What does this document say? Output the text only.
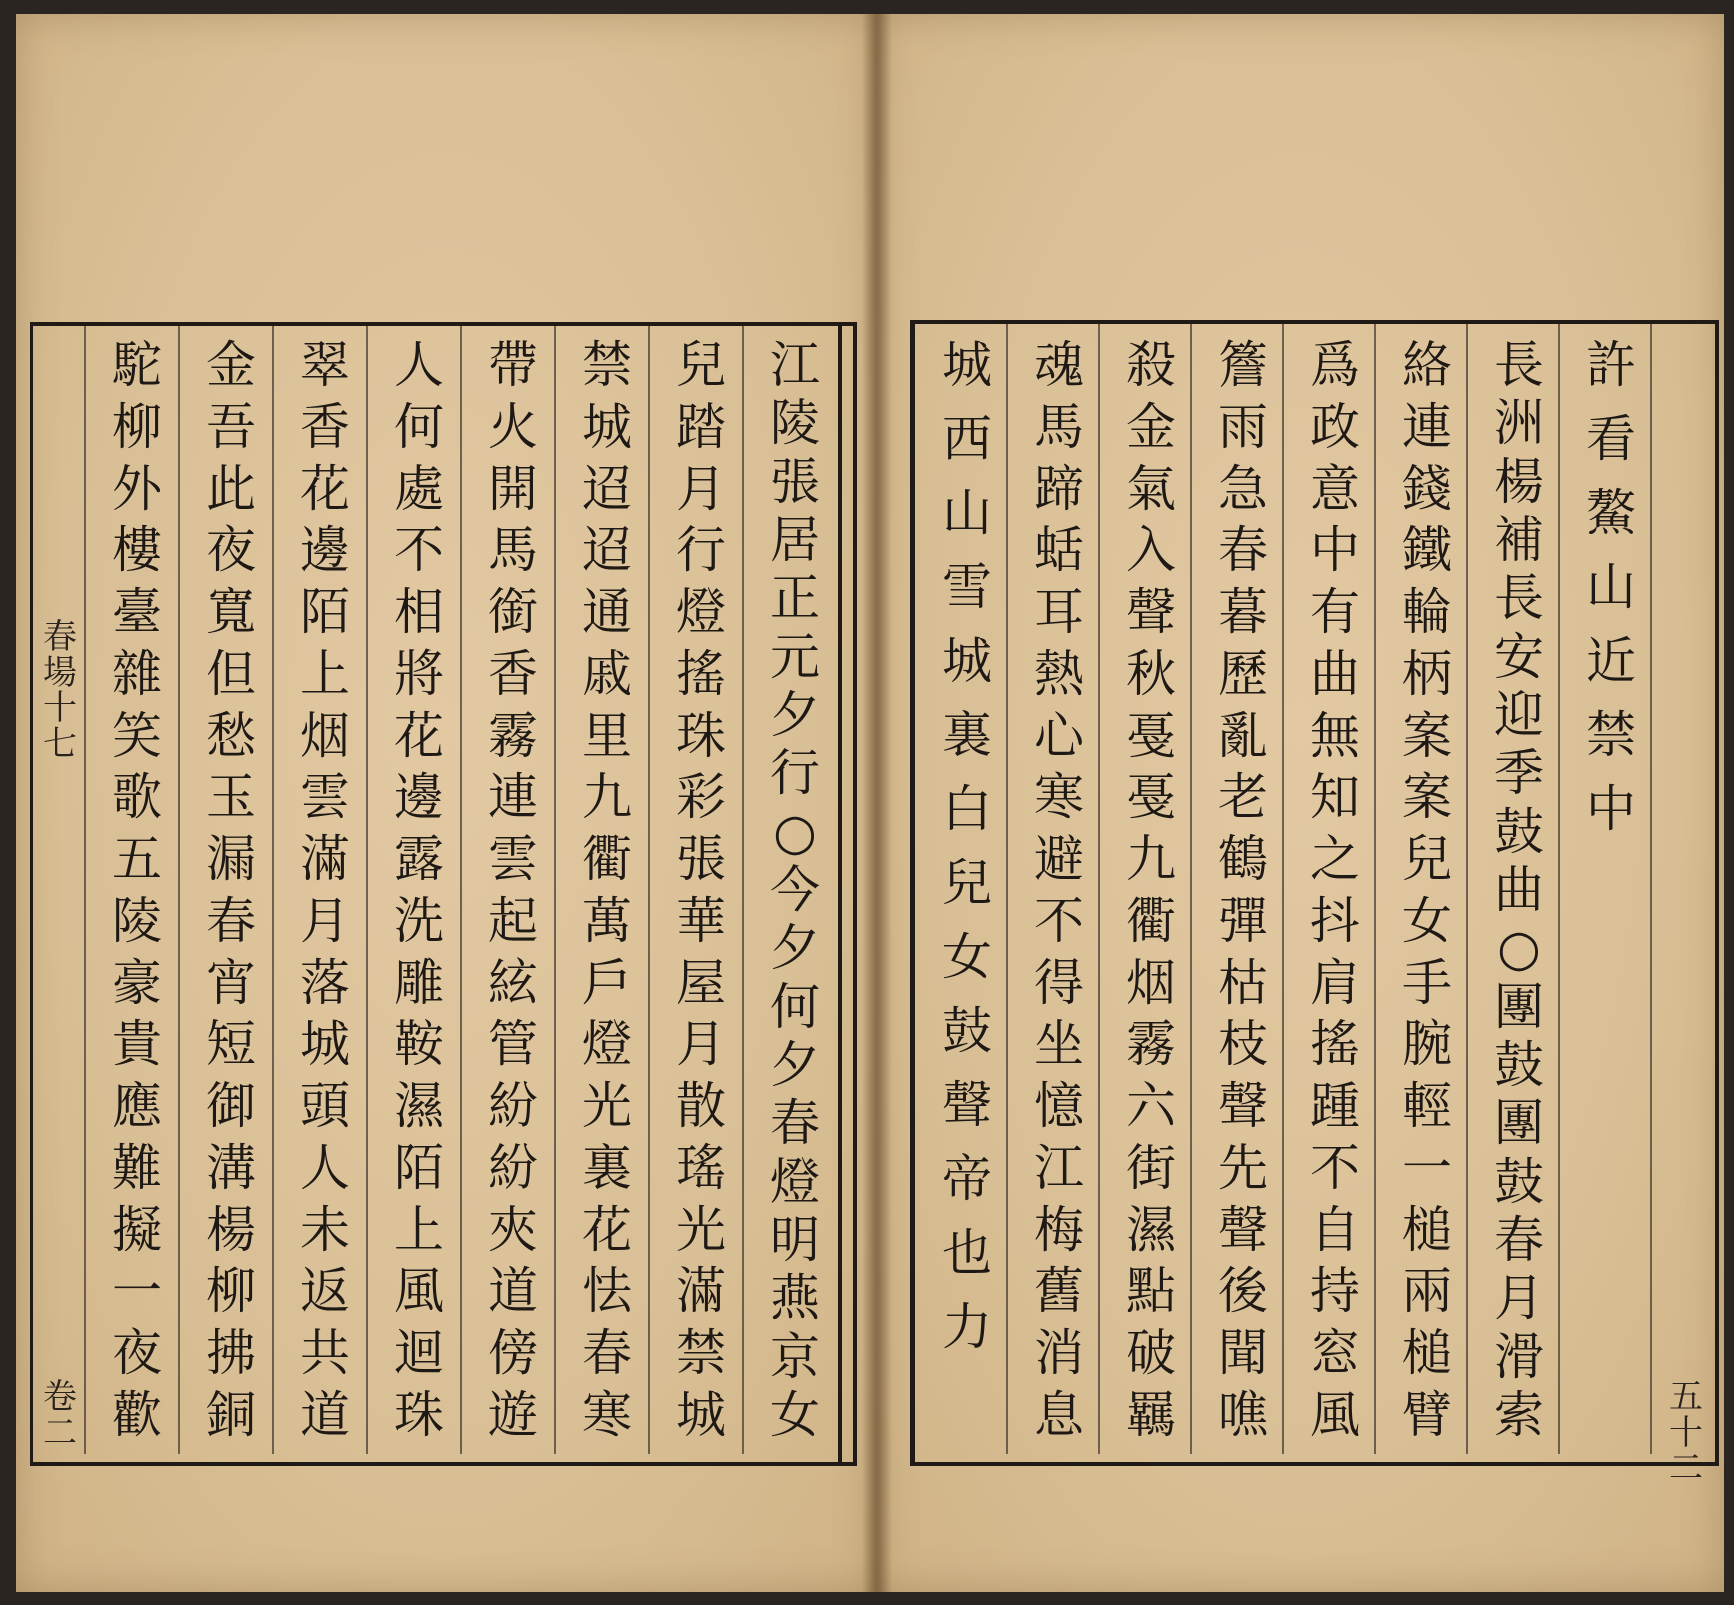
春
場
十
七
卷
二
江
陵
張
居
正
元
夕
行
○
今
夕
何
夕
春
燈
明
燕
京
女
兒
踏
月
行
燈
搖
珠
彩
張
華
屋
月
散
瑤
光
滿
禁
城
禁
城
迢
迢
通
戚
里
九
衢
萬
戶
燈
光
裏
花
怯
春
寒
帶
火
開
馬
銜
香
霧
連
雲
起
絃
管
紛
紛
夾
道
傍
遊
人
何
處
不
相
將
花
邊
露
洗
雕
鞍
濕
陌
上
風
迴
珠
翠
香
花
邊
陌
上
烟
雲
滿
月
落
城
頭
人
未
返
共
道
金
吾
此
夜
寬
但
愁
玉
漏
春
宵
短
御
溝
楊
柳
拂
銅
駝
柳
外
樓
臺
雜
笑
歌
五
陵
豪
貴
應
難
擬
一
夜
歡
許
看
鰲
山
近
禁
中
長
洲
楊
補
長
安
迎
季
鼓
曲
○
團
鼓
團
鼓
春
月
滑
索
絡
連
錢
鐵
輪
柄
案
案
兒
女
手
腕
輕
一
槌
兩
槌
臂
爲
政
意
中
有
曲
無
知
之
抖
肩
搖
踵
不
自
持
窓
風
簷
雨
急
春
暮
歷
亂
老
鶴
彈
枯
枝
聲
先
聲
後
聞
噍
殺
金
氣
入
聲
秋
戞
戞
九
衢
烟
霧
六
街
濕
點
破
羈
魂
馬
蹄
蛞
耳
熱
心
寒
避
不
得
坐
憶
江
梅
舊
消
息
城
西
山
雪
城
裏
白
兒
女
鼓
聲
帝
也
力
五
十
二
